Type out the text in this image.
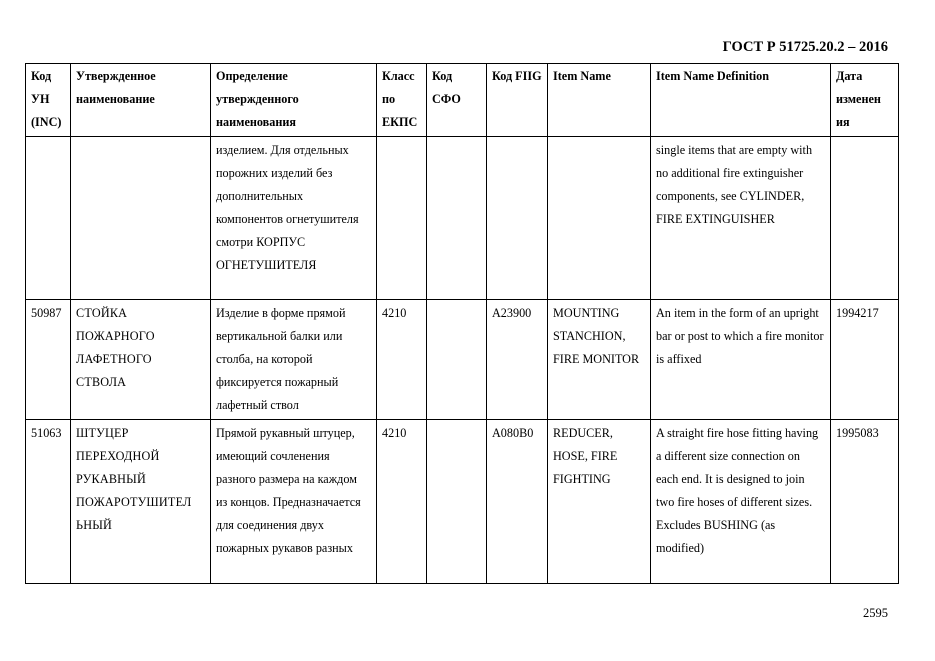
ГОСТ Р 51725.20.2 – 2016
Код УН (INC)	Утвержденное наименование	Определение утвержденного наименования	Класс по ЕКПС	Код СФО	Код FIIG	Item Name	Item Name Definition	Дата изменен ия
		изделием. Для отдельных порожних изделий без дополнительных компонентов огнетушителя смотри КОРПУС ОГНЕТУШИТЕЛЯ					single items that are empty with no additional fire extinguisher components, see CYLINDER, FIRE EXTINGUISHER	
50987	СТОЙКА ПОЖАРНОГО ЛАФЕТНОГО СТВОЛА	Изделие в форме прямой вертикальной балки или столба, на которой фиксируется пожарный лафетный ствол	4210		A23900	MOUNTING STANCHION, FIRE MONITOR	An item in the form of an upright bar or post to which a fire monitor is affixed	1994217
51063	ШТУЦЕР ПЕРЕХОДНОЙ РУКАВНЫЙ ПОЖАРОТУШИТЕЛ ЬНЫЙ	Прямой рукавный штуцер, имеющий сочленения разного размера на каждом из концов. Предназначается для соединения двух пожарных рукавов разных	4210		A080B0	REDUCER, HOSE, FIRE FIGHTING	A straight fire hose fitting having a different size connection on each end. It is designed to join two fire hoses of different sizes. Excludes BUSHING (as modified)	1995083
2595
